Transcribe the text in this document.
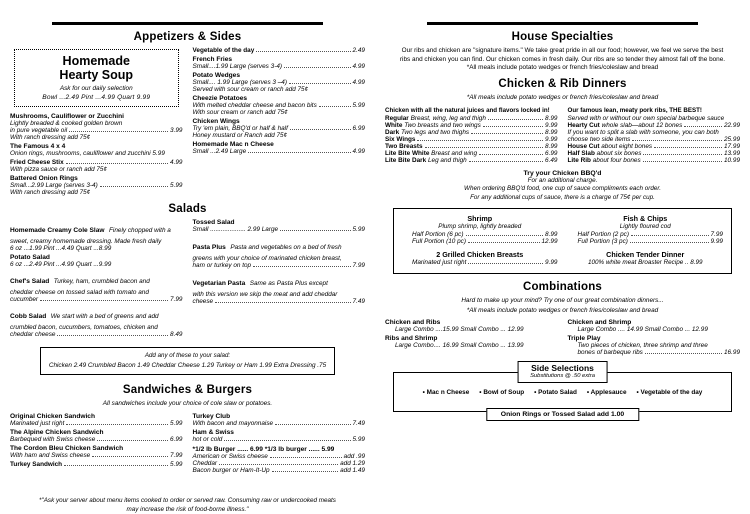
Appetizers & Sides
Homemade
Hearty Soup
Ask for our daily selection
Bowl ...2.49 Pint ...4.99 Quart 9.99
Mushrooms, Cauliflower or Zucchini
Lightly breaded & cooked golden brown
in pure vegetable oil	3.99
With ranch dressing add 75¢
The Famous 4 x 4
Onion rings, mushrooms, cauliflower and zucchini 5.99
Fried Cheese Stix	4.99
With pizza sauce or ranch add 75¢
Battered Onion Rings
Small...2.99 Large (serves 3-4)	5.99
With ranch dressing add 75¢
Vegetable of the day	2.49
French Fries
Small....1.99 Large (serves 3-4)	4.99
Potato Wedges
Small.... 1.99 Large (serves 3 –4)	4.99
Served with sour cream or ranch add 75¢
Cheezie Potatoes
With melted cheddar cheese and bacon bits	5.99
With sour cream or ranch add 75¢
Chicken Wings
Try 'em plain, BBQ'd or half & half	6.99
Honey mustard or Ranch add 75¢
Homemade Mac n Cheese
Small ...2.49 Large	4.99
Salads
Homemade Creamy Cole Slaw Finely chopped with a
sweet, creamy homemade dressing. Made fresh daily
6 oz ...1.99 Pint ...4.49 Quart ...8.99
Potato Salad
6 oz ...2.49 Pint ...4.99 Quart ...9.99
Chef's Salad Turkey, ham, crumbled bacon and
cheddar cheese on tossed salad with tomato and
cucumber	7.99
Cobb Salad We start with a bed of greens and add
crumbled bacon, cucumbers, tomatoes, chicken and
cheddar cheese	8.49
Tossed Salad
Small .................... 2.99 Large	5.99
Pasta Plus Pasta and vegetables on a bed of fresh
greens with your choice of marinated chicken breast,
ham or turkey on top	7.99
Vegetarian Pasta Same as Pasta Plus except
with this version we skip the meat and add cheddar
cheese	7.49
Add any of these to your salad:
Chicken 2.49 Crumbled Bacon 1.49 Cheddar Cheese 1.29 Turkey or Ham 1.99 Extra Dressing .75
Sandwiches & Burgers
All sandwiches include your choice of cole slaw or potatoes.
Original Chicken Sandwich
Marinated just right	5.99
The Alpine Chicken Sandwich
Barbequed with Swiss cheese	6.99
The Cordon Bleu Chicken Sandwich
With ham and Swiss cheese	7.99
Turkey Sandwich	5.99
Turkey Club
With bacon and mayonnaise	7.49
Ham & Swiss
hot or cold	5.99
*1/2 lb Burger ...... 6.99 *1/3 lb burger ...... 5.99
American or Swiss cheese	add .99
Cheddar	add 1.29
Bacon burger or Ham-It-Up	add 1.49
*"Ask your server about menu items cooked to order or served raw. Consuming raw or undercooked meats may increase the risk of food-borne illness."
House Specialties
Our ribs and chicken are "signature items." We take great pride in all our food; however, we feel we serve the best ribs and chicken you can find. Our chicken comes in fresh daily. Our ribs are so tender they almost fall off the bone. *All meals include potato wedges or french fries/coleslaw and bread
Chicken & Rib Dinners
*All meals include potato wedges or french fries/coleslaw and bread
Chicken with all the natural juices and flavors locked in!
Regular
Breast, wing, leg and thigh	8.99
White
Two breasts and two wings	9.99
Dark
Two legs and two thighs	8.99
Six Wings	9.99
Two Breasts	8.99
Lite Bite White
Breast and wing	6.99
Lite Bite Dark
Leg and thigh	6.49
Our famous lean, meaty pork ribs, THE BEST!
Served with or without our own special barbeque sauce
Hearty Cut
whole slab—about 12 bones	22.99
If you want to split a slab with someone, you can both
choose two side items	25.99
House Cut
about eight bones	17.99
Half Slab
about six bones	13.99
Lite Rib
about four bones	10.99
Try your Chicken BBQ'd
For an additional charge.
When ordering BBQ'd food, one cup of sauce compliments each order.
For any additional cups of sauce, there is a charge of 75¢ per cup.
Shrimp
Plump shrimp, lightly breaded
Half Portion (6 pc)	8.99
Full Portion (10 pc)	12.99
Fish & Chips
Lightly floured cod
Half Portion (2 pc)	7.99
Full Portion (3 pc)	9.99
2 Grilled Chicken Breasts
Marinated just right	9.99
Chicken Tender Dinner
100% white meat Broaster Recipe .. 8.99
Combinations
Hard to make up your mind? Try one of our great combination dinners...
*All meals include potato wedges or french fries/coleslaw and bread
Chicken and Ribs
Large Combo ....15.99 Small Combo ... 12.99
Ribs and Shrimp
Large Combo.... 16.99 Small Combo ... 13.99
Chicken and Shrimp
Large Combo .... 14.99 Small Combo ... 12.99
Triple Play
Two pieces of chicken, three shrimp and three
bones of barbeque ribs	16.99
• Mac n Cheese	• Bowl of Soup	• Potato Salad	• Applesauce	• Vegetable of the day
Side Selections
Substitutions @ .50 extra
Onion Rings or Tossed Salad add 1.00
